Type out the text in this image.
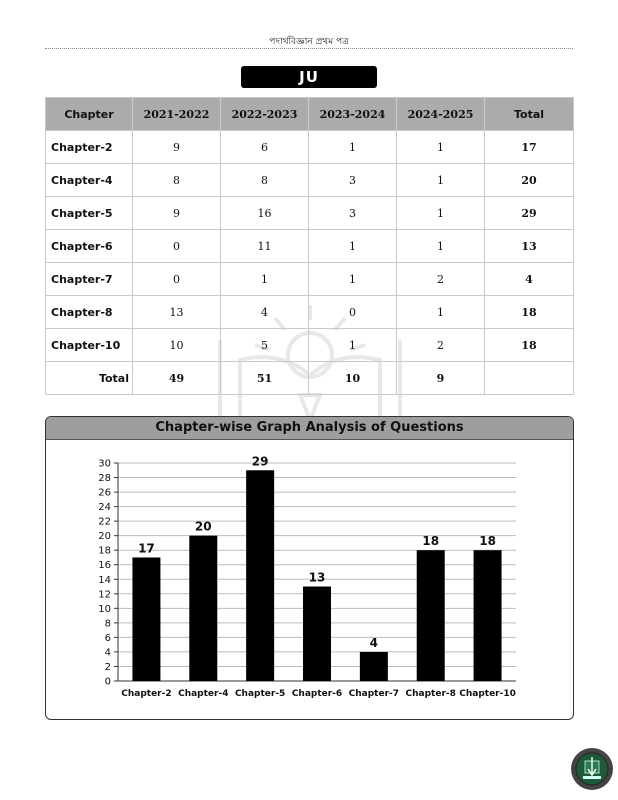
পদার্থবিজ্ঞান প্রথম পত্র
JU
Chapter	2021-2022	2022-2023	2023-2024	2024-2025	Total
Chapter-2	9	6	1	1	17
Chapter-4	8	8	3	1	20
Chapter-5	9	16	3	1	29
Chapter-6	0	11	1	1	13
Chapter-7	0	1	1	2	4
Chapter-8	13	4	0	1	18
Chapter-10	10	5	1	2	18
Total	49	51	10	9	
Chapter-wise Graph Analysis of Questions
0
2
4
6
8
10
12
14
16
18
20
22
24
26
28
30
17
Chapter-2
20
Chapter-4
29
Chapter-5
13
Chapter-6
4
Chapter-7
18
Chapter-8
18
Chapter-10
